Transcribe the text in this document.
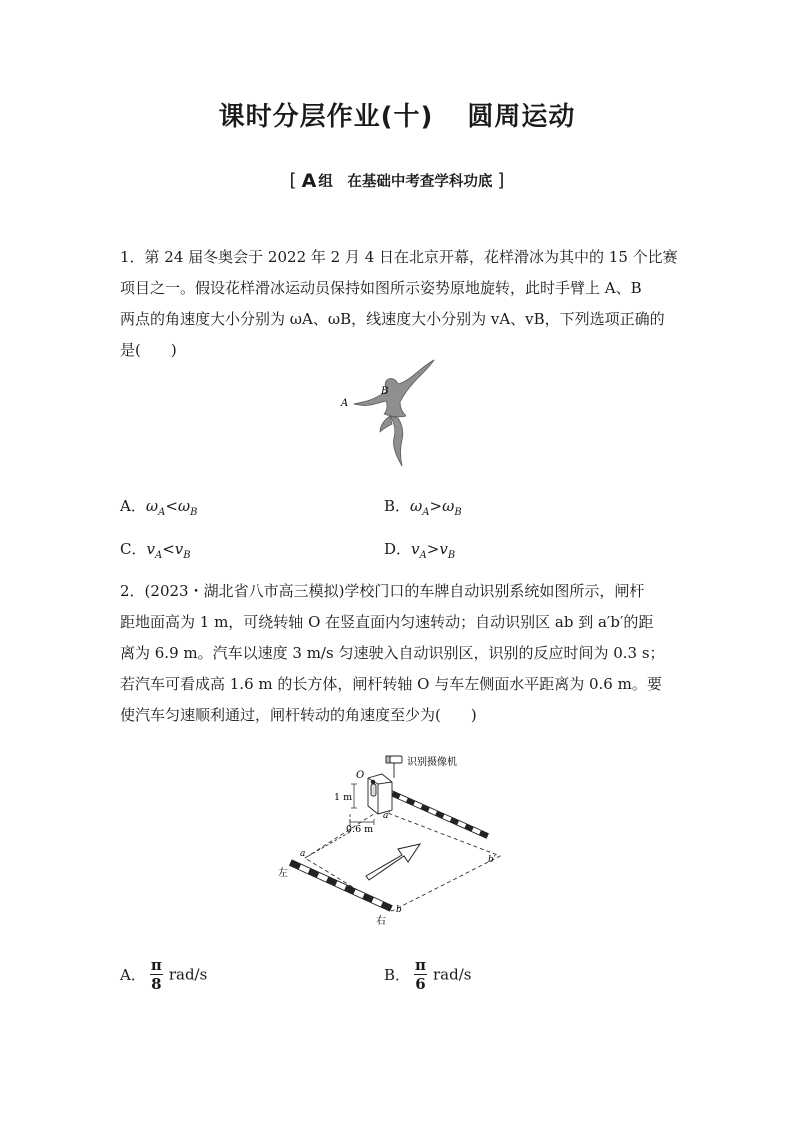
课时分层作业(十) 圆周运动
[ A 组　在基础中考查学科功底 ]

1．第 24 届冬奥会于 2022 年 2 月 4 日在北京开幕，花样滑冰为其中的 15 个比赛

项目之一。假设花样滑冰运动员保持如图所示姿势原地旋转，此时手臂上 A、B

两点的角速度大小分别为 ωA、ωB，线速度大小分别为 vA、vB，下列选项正确的

是(　　)

A
B
A．$\omega_A<\omega_B$	B．$\omega_A>\omega_B$
C．$v_A<v_B$	D．$v_A>v_B$

2．(2023・湖北省八市高三模拟)学校门口的车牌自动识别系统如图所示，闸杆

距地面高为 1 m，可绕转轴 O 在竖直面内匀速转动；自动识别区 ab 到 a′b′的距

离为 6.9 m。汽车以速度 3 m/s 匀速驶入自动识别区，识别的反应时间为 0.3 s；

若汽车可看成高 1.6 m 的长方体，闸杆转轴 O 与车左侧面水平距离为 0.6 m。要

使汽车匀速顺利通过，闸杆转动的角速度至少为(　　)

识别摄像机
O
1 m
0.6 m
a
a′
b
b′
左
右
A． $\frac{\pi}{8} rad/s$	B． $\frac{\pi}{6} rad/s$
